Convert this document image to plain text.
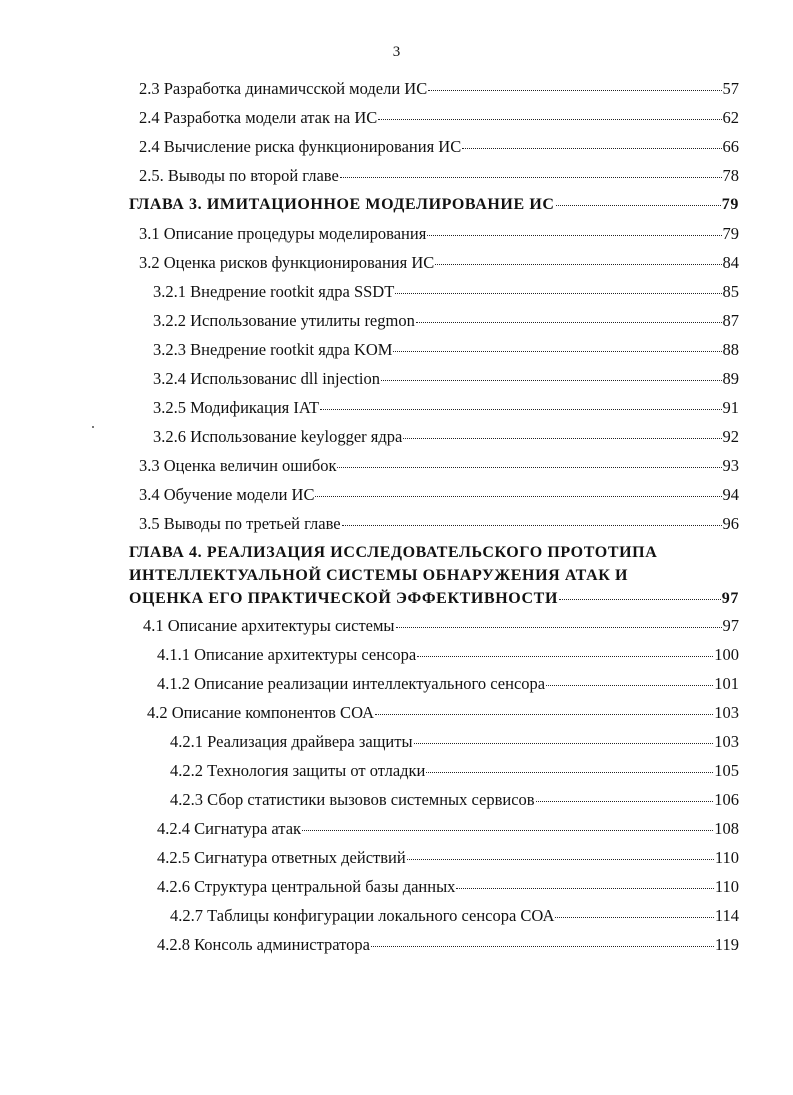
3
2.3 Разработка динамичсской модели ИС	57
2.4 Разработка модели атак на ИС	62
2.4 Вычисление риска функционирования ИС	66
2.5. Выводы по второй главе	78
ГЛАВА 3. ИМИТАЦИОННОЕ МОДЕЛИРОВАНИЕ ИС	79
3.1 Описание процедуры моделирования	79
3.2 Оценка рисков функционирования ИС	84
3.2.1 Внедрение rootkit ядра SSDT	85
3.2.2 Использование утилиты regmon	87
3.2.3 Внедрение rootkit ядра KOM	88
3.2.4 Использованис dll injection	89
3.2.5 Модификация IAT	91
3.2.6 Использование keylogger ядра	92
3.3 Оценка величин ошибок	93
3.4 Обучение модели ИС	94
3.5 Выводы по третьей главе	96
ГЛАВА 4. РЕАЛИЗАЦИЯ ИССЛЕДОВАТЕЛЬСКОГО ПРОТОТИПА
ИНТЕЛЛЕКТУАЛЬНОЙ СИСТЕМЫ ОБНАРУЖЕНИЯ АТАК И
ОЦЕНКА ЕГО ПРАКТИЧЕСКОЙ ЭФФЕКТИВНОСТИ	97
4.1 Описание архитектуры системы	97
4.1.1 Описание архитектуры сенсора	100
4.1.2 Описание реализации интеллектуального сенсора	101
4.2 Описание компонентов СОА	103
4.2.1 Реализация драйвера защиты	103
4.2.2 Технология защиты от отладки	105
4.2.3 Сбор статистики вызовов системных сервисов	106
4.2.4 Сигнатура атак	108
4.2.5 Сигнатура ответных действий	110
4.2.6 Структура центральной базы данных	110
4.2.7 Таблицы конфигурации локального сенсора СОА	114
4.2.8 Консоль администратора	119
